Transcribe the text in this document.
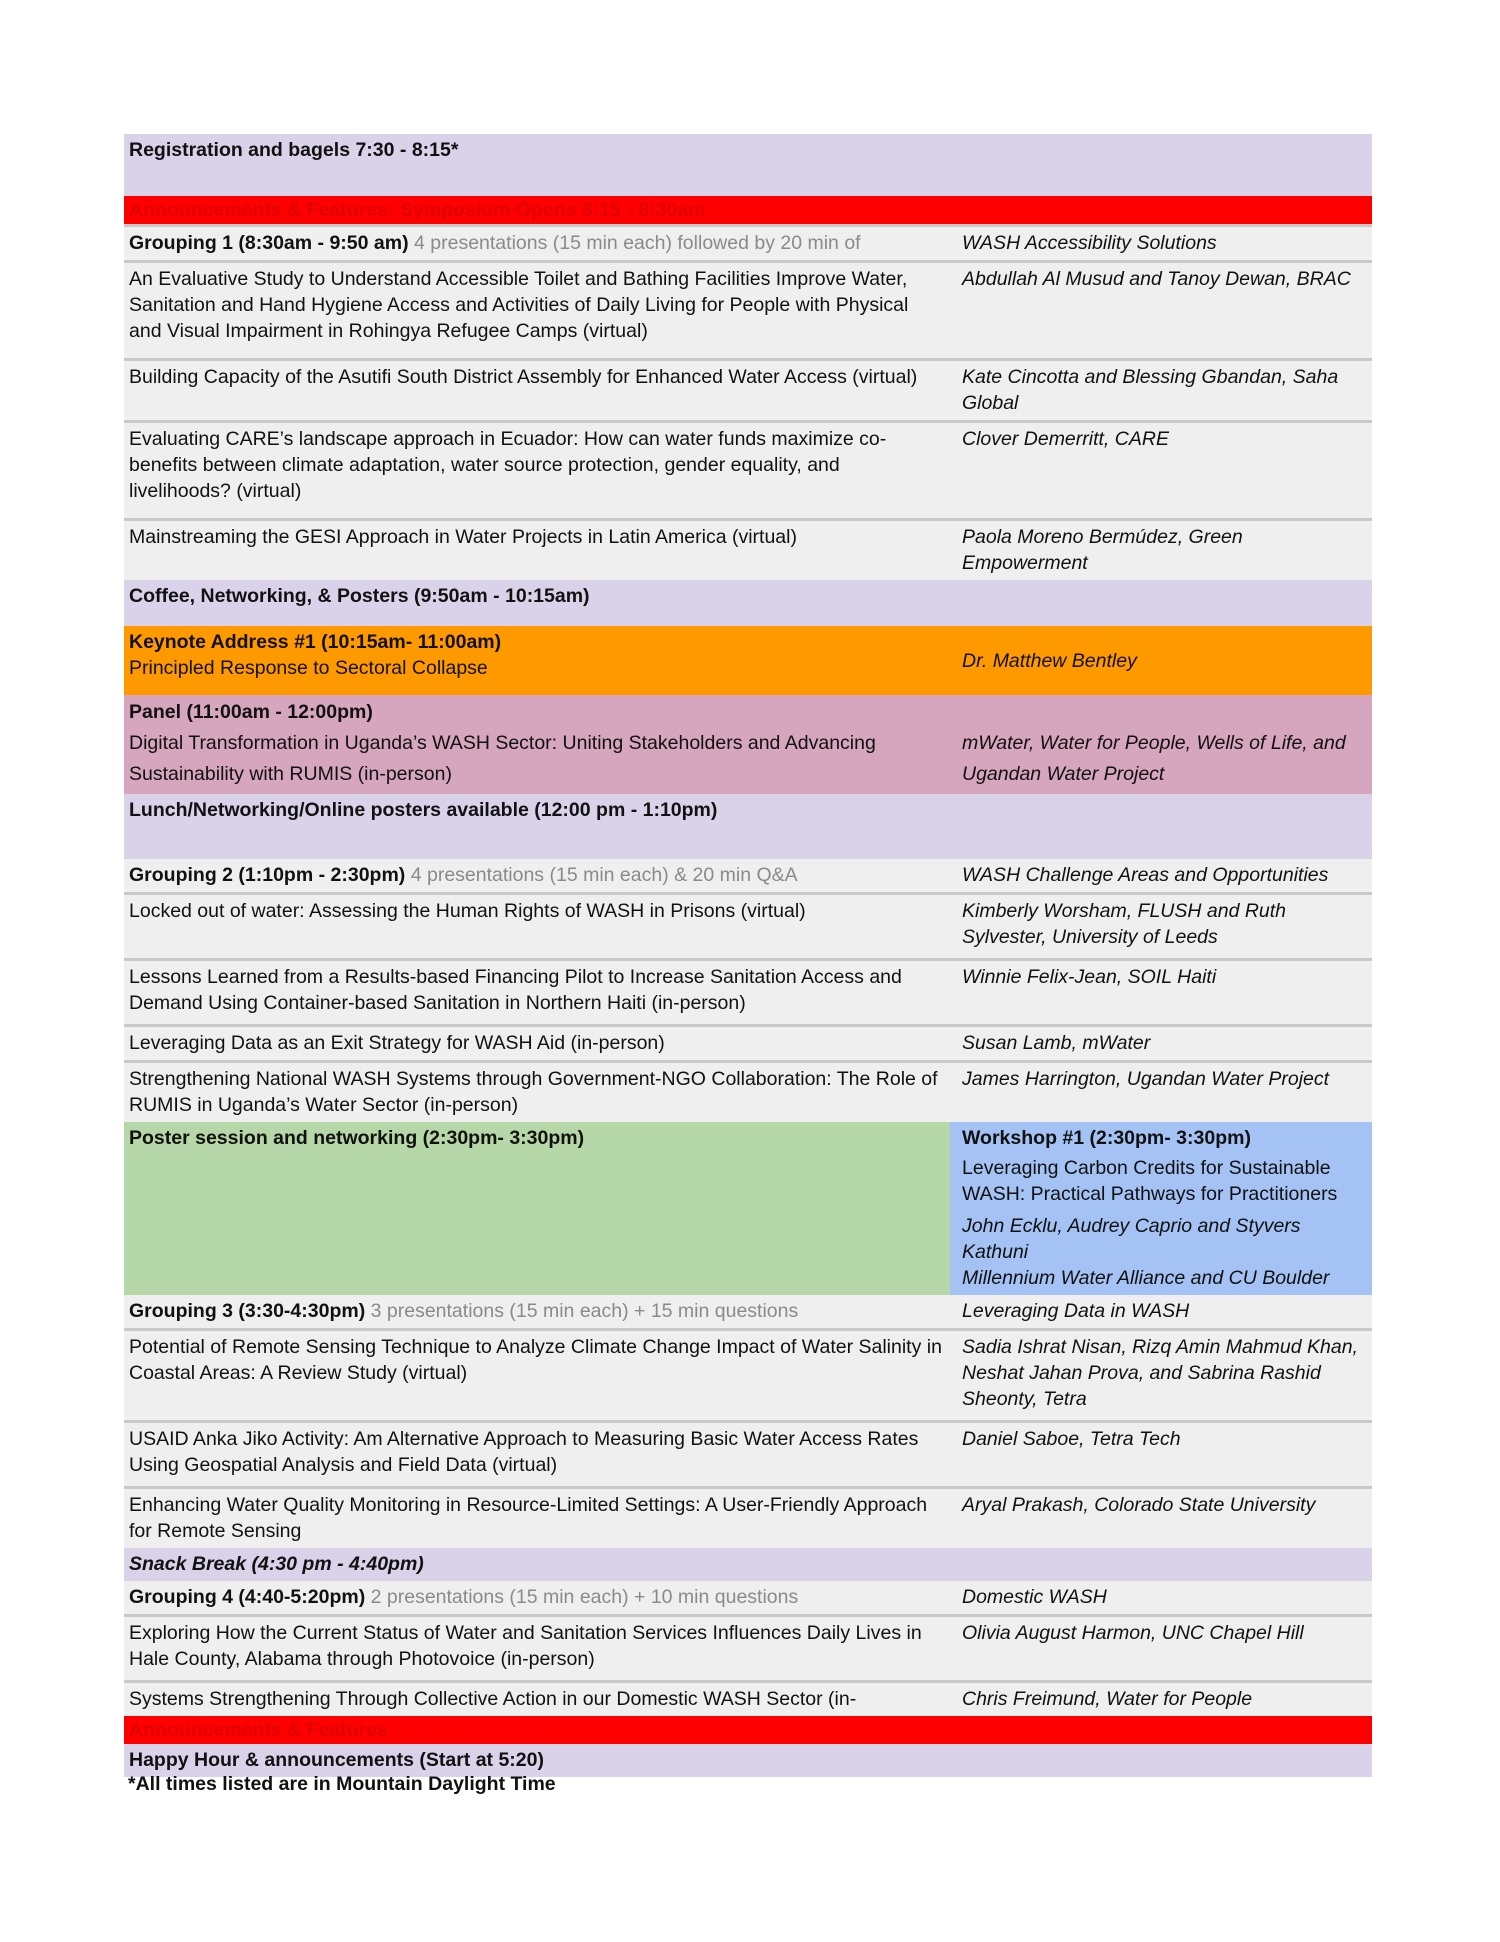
Registration and bagels 7:30 - 8:15*	
Announcements & Features: Symposium Opens 8:15 - 8:30am	
Grouping 1 (8:30am - 9:50 am) 4 presentations (15 min each) followed by 20 min of	WASH Accessibility Solutions
An Evaluative Study to Understand Accessible Toilet and Bathing Facilities Improve Water, Sanitation and Hand Hygiene Access and Activities of Daily Living for People with Physical and Visual Impairment in Rohingya Refugee Camps (virtual)	Abdullah Al Musud and Tanoy Dewan, BRAC
Building Capacity of the Asutifi South District Assembly for Enhanced Water Access (virtual)	Kate Cincotta and Blessing Gbandan, Saha Global
Evaluating CARE’s landscape approach in Ecuador: How can water funds maximize co-benefits between climate adaptation, water source protection, gender equality, and livelihoods? (virtual)	Clover Demerritt, CARE
Mainstreaming the GESI Approach in Water Projects in Latin America (virtual)	Paola Moreno Bermúdez, Green Empowerment
Coffee, Networking, & Posters (9:50am - 10:15am)	

Keynote Address #1 (10:15am- 11:00am)
Principled Response to Sectoral Collapse	Dr. Matthew Bentley

Panel (11:00am - 12:00pm)
Digital Transformation in Uganda’s WASH Sector: Uniting Stakeholders and Advancing Sustainability with RUMIS (in-person)	mWater, Water for People, Wells of Life, and Ugandan Water Project
Lunch/Networking/Online posters available (12:00 pm - 1:10pm)	
Grouping 2 (1:10pm - 2:30pm) 4 presentations (15 min each) & 20 min Q&A	WASH Challenge Areas and Opportunities
Locked out of water: Assessing the Human Rights of WASH in Prisons (virtual)	Kimberly Worsham, FLUSH and Ruth Sylvester, University of Leeds
Lessons Learned from a Results-based Financing Pilot to Increase Sanitation Access and Demand Using Container-based Sanitation in Northern Haiti (in-person)	Winnie Felix-Jean, SOIL Haiti
Leveraging Data as an Exit Strategy for WASH Aid (in-person)	Susan Lamb, mWater
Strengthening National WASH Systems through Government-NGO Collaboration: The Role of RUMIS in Uganda’s Water Sector (in-person)	James Harrington, Ugandan Water Project
Poster session and networking (2:30pm- 3:30pm)	Workshop #1 (2:30pm- 3:30pm)
Leveraging Carbon Credits for Sustainable WASH: Practical Pathways for Practitioners
John Ecklu, Audrey Caprio and Styvers Kathuni
Millennium Water Alliance and CU Boulder

Grouping 3 (3:30-4:30pm) 3 presentations (15 min each) + 15 min questions	Leveraging Data in WASH
Potential of Remote Sensing Technique to Analyze Climate Change Impact of Water Salinity in Coastal Areas: A Review Study (virtual)	Sadia Ishrat Nisan, Rizq Amin Mahmud Khan, Neshat Jahan Prova, and Sabrina Rashid Sheonty, Tetra
USAID Anka Jiko Activity: Am Alternative Approach to Measuring Basic Water Access Rates Using Geospatial Analysis and Field Data (virtual)	Daniel Saboe, Tetra Tech
Enhancing Water Quality Monitoring in Resource-Limited Settings: A User-Friendly Approach for Remote Sensing	Aryal Prakash, Colorado State University
Snack Break (4:30 pm - 4:40pm)	
Grouping 4 (4:40-5:20pm) 2 presentations (15 min each) + 10 min questions	Domestic WASH
Exploring How the Current Status of Water and Sanitation Services Influences Daily Lives in Hale County, Alabama through Photovoice (in-person)	Olivia August Harmon, UNC Chapel Hill
Systems Strengthening Through Collective Action in our Domestic WASH Sector (in-	Chris Freimund, Water for People
Announcements & Features	
Happy Hour & announcements (Start at 5:20)	
*All times listed are in Mountain Daylight Time
